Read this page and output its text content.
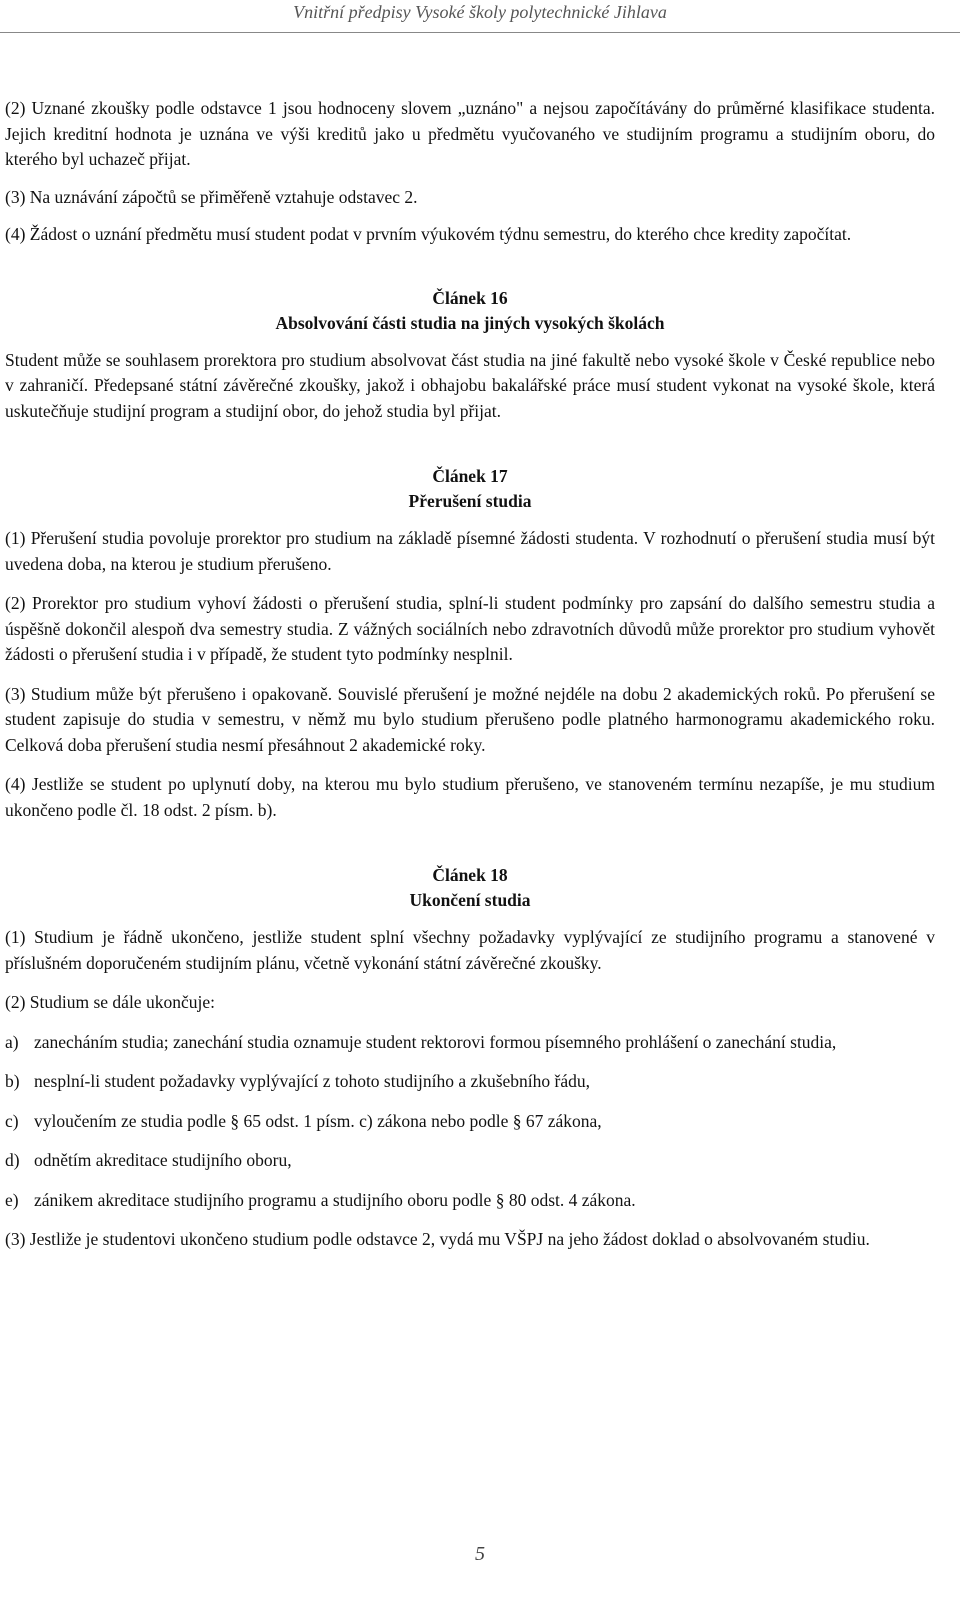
Vnitřní předpisy Vysoké školy polytechnické Jihlava

(2) Uznané zkoušky podle odstavce 1 jsou hodnoceny slovem „uznáno" a nejsou započítávány do průměrné klasifikace studenta. Jejich kreditní hodnota je uznána ve výši kreditů jako u předmětu vyučovaného ve studijním programu a studijním oboru, do kterého byl uchazeč přijat.

(3) Na uznávání zápočtů se přiměřeně vztahuje odstavec 2.

(4) Žádost o uznání předmětu musí student podat v prvním výukovém týdnu semestru, do kterého chce kredity započítat.

Článek 16
Absolvování části studia na jiných vysokých školách

Student může se souhlasem prorektora pro studium absolvovat část studia na jiné fakultě nebo vysoké škole v České republice nebo v zahraničí. Předepsané státní závěrečné zkoušky, jakož i obhajobu bakalářské práce musí student vykonat na vysoké škole, která uskutečňuje studijní program a studijní obor, do jehož studia byl přijat.

Článek 17
Přerušení studia

(1) Přerušení studia povoluje prorektor pro studium na základě písemné žádosti studenta. V rozhodnutí o přerušení studia musí být uvedena doba, na kterou je studium přerušeno.

(2) Prorektor pro studium vyhoví žádosti o přerušení studia, splní-li student podmínky pro zapsání do dalšího semestru studia a úspěšně dokončil alespoň dva semestry studia. Z vážných sociálních nebo zdravotních důvodů může prorektor pro studium vyhovět žádosti o přerušení studia i v případě, že student tyto podmínky nesplnil.

(3) Studium může být přerušeno i opakovaně. Souvislé přerušení je možné nejdéle na dobu 2 akademických roků. Po přerušení se student zapisuje do studia v semestru, v němž mu bylo studium přerušeno podle platného harmonogramu akademického roku. Celková doba přerušení studia nesmí přesáhnout 2 akademické roky.

(4) Jestliže se student po uplynutí doby, na kterou mu bylo studium přerušeno, ve stanoveném termínu nezapíše, je mu studium ukončeno podle čl. 18 odst. 2 písm. b).

Článek 18
Ukončení studia

(1) Studium je řádně ukončeno, jestliže student splní všechny požadavky vyplývající ze studijního programu a stanovené v příslušném doporučeném studijním plánu, včetně vykonání státní závěrečné zkoušky.

(2) Studium se dále ukončuje:

a) zanecháním studia; zanechání studia oznamuje student rektorovi formou písemného prohlášení o zanechání studia,
b) nesplní-li student požadavky vyplývající z tohoto studijního a zkušebního řádu,
c) vyloučením ze studia podle § 65 odst. 1 písm. c) zákona nebo podle § 67 zákona,
d) odnětím akreditace studijního oboru,
e) zánikem akreditace studijního programu a studijního oboru podle § 80 odst. 4 zákona.

(3) Jestliže je studentovi ukončeno studium podle odstavce 2, vydá mu VŠPJ na jeho žádost doklad o absolvovaném studiu.

5
